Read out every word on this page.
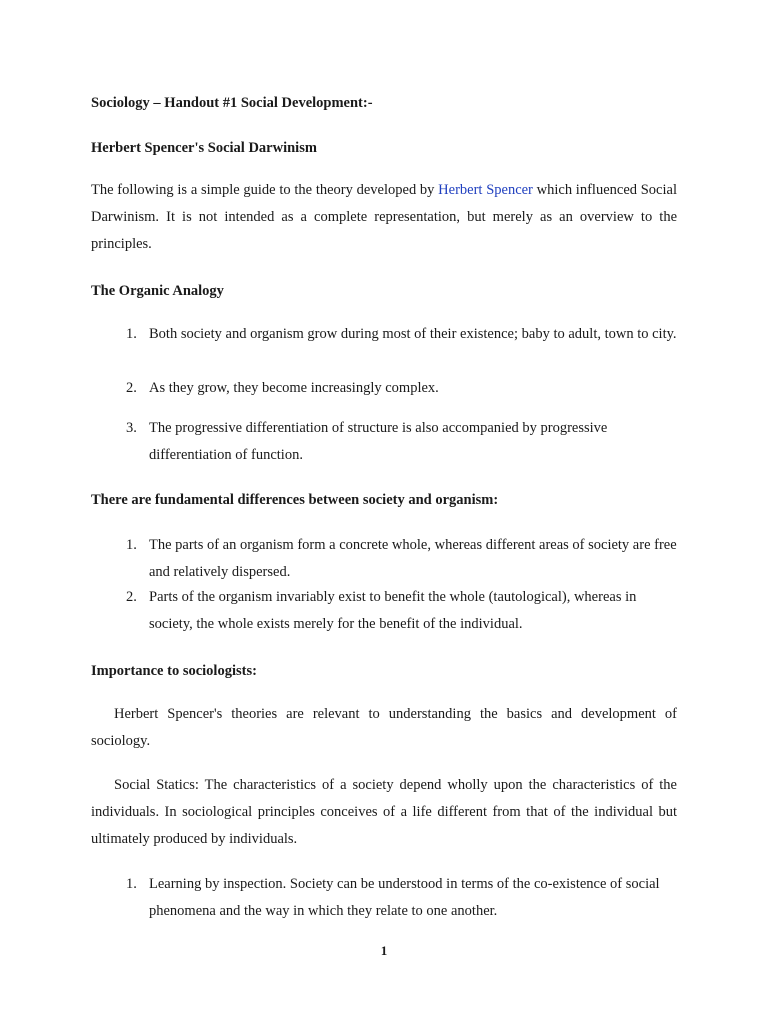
Sociology – Handout #1 Social Development:-
Herbert Spencer's Social Darwinism
The following is a simple guide to the theory developed by Herbert Spencer which influenced Social Darwinism. It is not intended as a complete representation, but merely as an overview to the principles.
The Organic Analogy
1. Both society and organism grow during most of their existence; baby to adult, town to city.
2. As they grow, they become increasingly complex.
3. The progressive differentiation of structure is also accompanied by progressive differentiation of function.
There are fundamental differences between society and organism:
1. The parts of an organism form a concrete whole, whereas different areas of society are free and relatively dispersed.
2. Parts of the organism invariably exist to benefit the whole (tautological), whereas in society, the whole exists merely for the benefit of the individual.
Importance to sociologists:
Herbert Spencer's theories are relevant to understanding the basics and development of sociology.
Social Statics: The characteristics of a society depend wholly upon the characteristics of the individuals. In sociological principles conceives of a life different from that of the individual but ultimately produced by individuals.
1. Learning by inspection. Society can be understood in terms of the co-existence of social phenomena and the way in which they relate to one another.
1
